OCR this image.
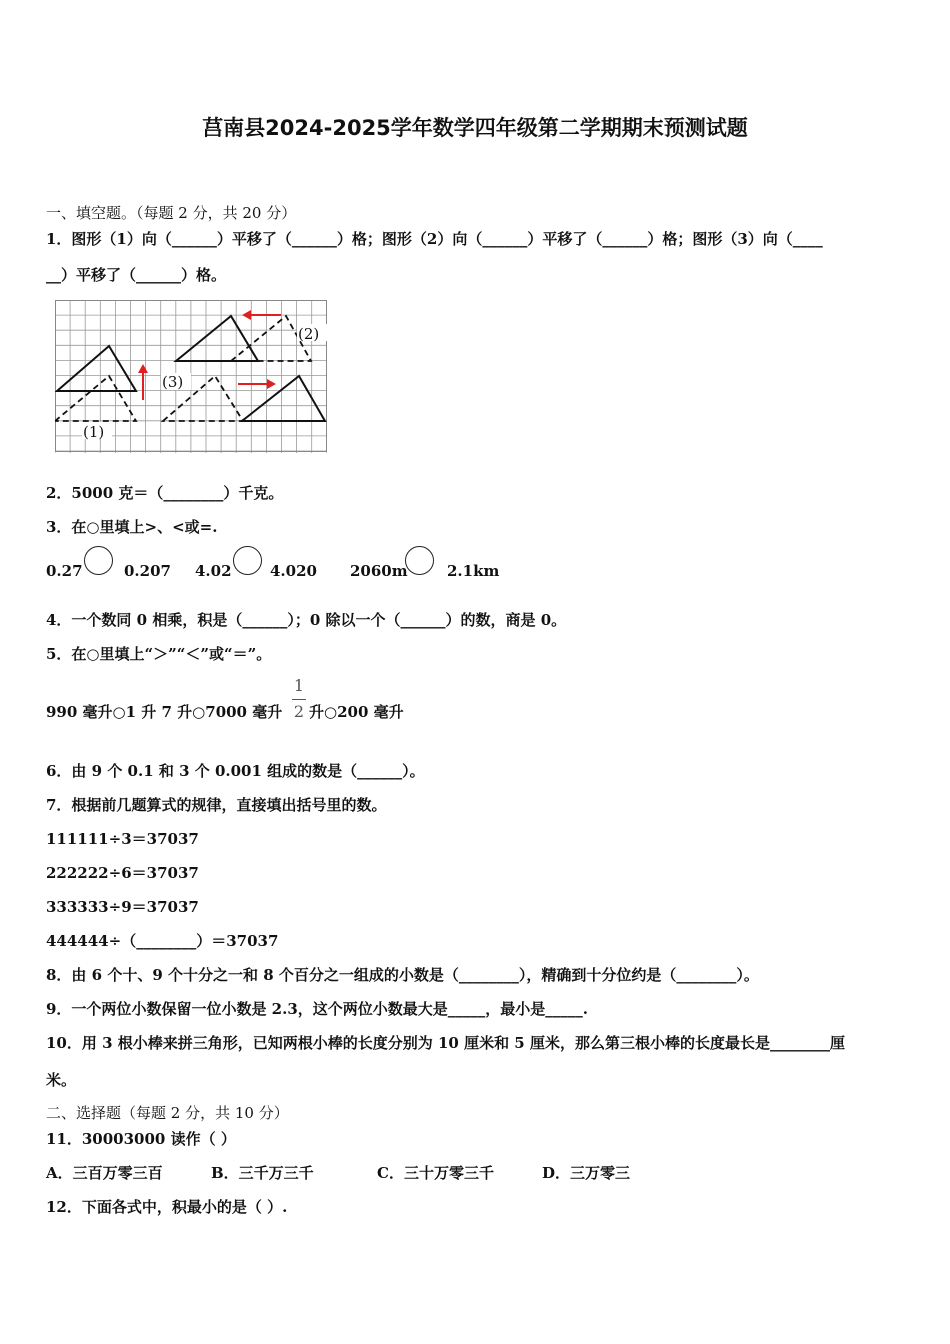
莒南县2024-2025学年数学四年级第二学期期末预测试题
一、填空题。（每题 2 分，共 20 分）
1．图形（1）向（______）平移了（______）格；图形（2）向（______）平移了（______）格；图形（3）向（____
__）平移了（______）格。
(1)
(2)
(3)
2．5000 克＝（________）千克。
3．在○里填上>、<或=.
0.27	0.207 4.02	4.020 2060m	2.1km
4．一个数同 0 相乘，积是（______）；0 除以一个（______）的数，商是 0。
5．在○里填上“＞”“＜”或“＝”。
990 毫升○1 升 7 升○7000 毫升
1
2 升○200 毫升
6．由 9 个 0.1 和 3 个 0.001 组成的数是（______）。
7．根据前几题算式的规律，直接填出括号里的数。
111111÷3＝37037
222222÷6＝37037
333333÷9＝37037
444444÷（________）＝37037
8．由 6 个十、9 个十分之一和 8 个百分之一组成的小数是（________），精确到十分位约是（________）。
9．一个两位小数保留一位小数是 2.3，这个两位小数最大是_____，最小是_____.
10．用 3 根小棒来拼三角形，已知两根小棒的长度分别为 10 厘米和 5 厘米，那么第三根小棒的长度最长是________厘
米。
二、选择题（每题 2 分，共 10 分）
11．30003000 读作（ ）
A．三百万零三百	B．三千万三千	C．三十万零三千	D．三万零三
12．下面各式中，积最小的是（ ）.
